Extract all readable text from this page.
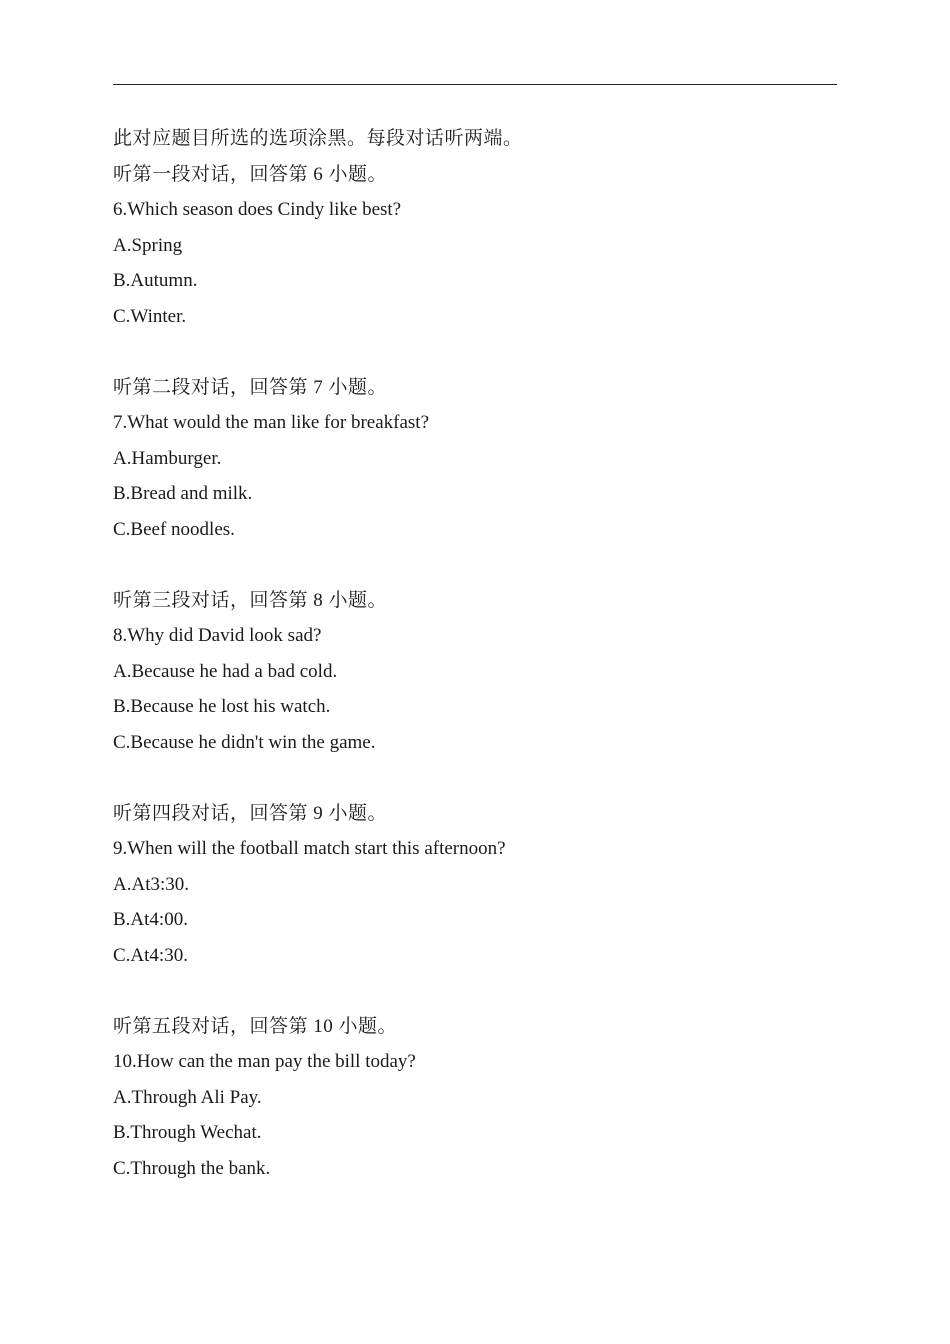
此对应题目所选的选项涂黑。每段对话听两端。
听第一段对话，回答第 6 小题。
6.Which season does Cindy like best?
A.Spring
B.Autumn.
C.Winter.
听第二段对话，回答第 7 小题。
7.What would the man like for breakfast?
A.Hamburger.
B.Bread and milk.
C.Beef noodles.
听第三段对话，回答第 8 小题。
8.Why did David look sad?
A.Because he had a bad cold.
B.Because he lost his watch.
C.Because he didn't win the game.
听第四段对话，回答第 9 小题。
9.When will the football match start this afternoon?
A.At3:30.
B.At4:00.
C.At4:30.
听第五段对话，回答第 10 小题。
10.How can the man pay the bill today?
A.Through Ali Pay.
B.Through Wechat.
C.Through the bank.
